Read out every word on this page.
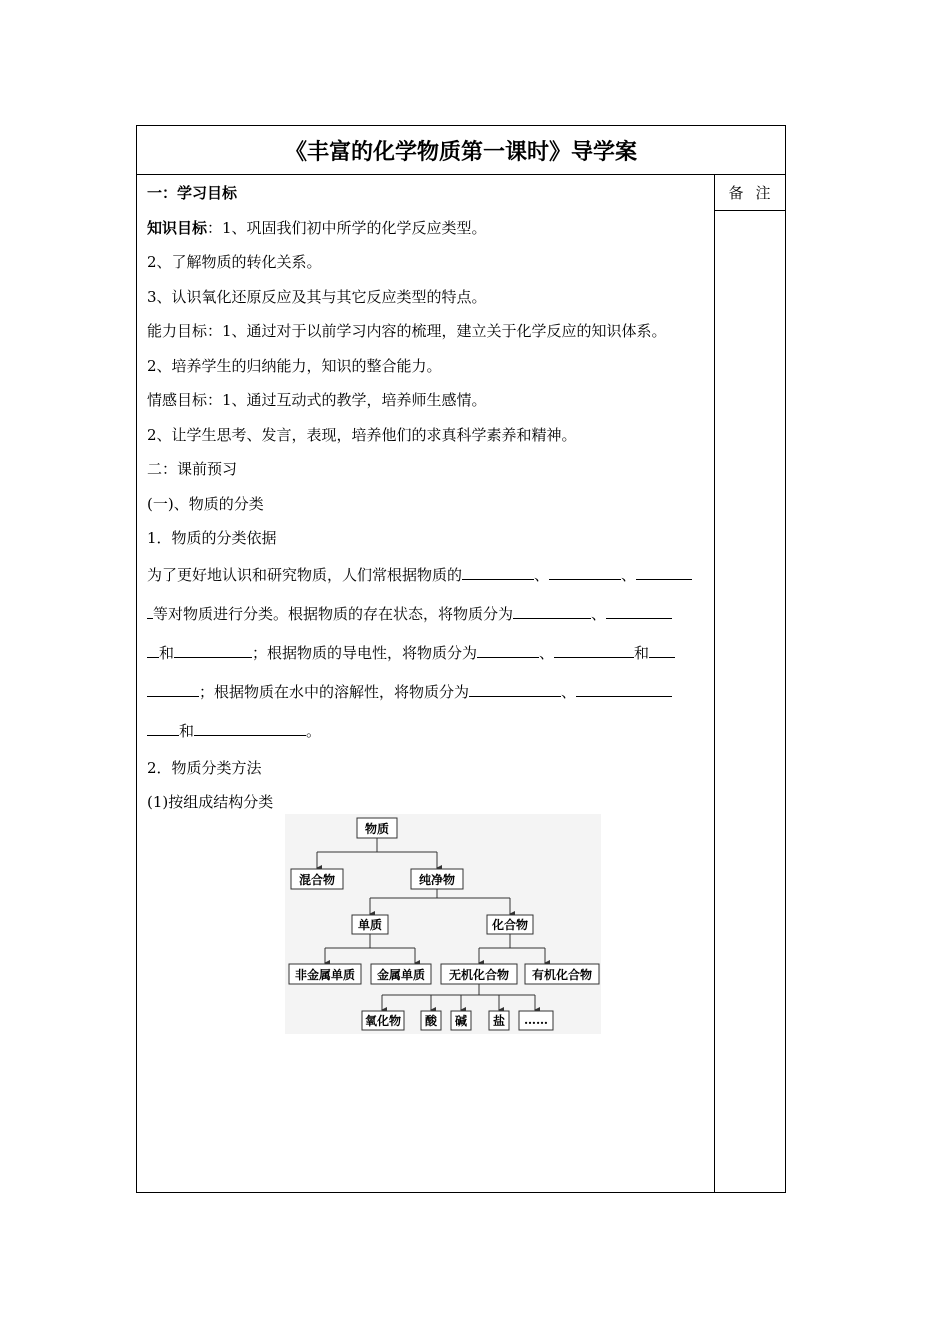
《丰富的化学物质第一课时》导学案
备注
一：学习目标
知识目标：1、巩固我们初中所学的化学反应类型。
2、了解物质的转化关系。
3、认识氧化还原反应及其与其它反应类型的特点。
能力目标：1、通过对于以前学习内容的梳理，建立关于化学反应的知识体系。
2、培养学生的归纳能力，知识的整合能力。
情感目标：1、通过互动式的教学，培养师生感情。
2、让学生思考、发言，表现，培养他们的求真科学素养和精神。
二：课前预习
(一)、物质的分类
1．物质的分类依据
为了更好地认识和研究物质，人们常根据物质的	、	、
等对物质进行分类。根据物质的存在状态，将物质分为	、
和	；根据物质的导电性，将物质分为	、	和
；根据物质在水中的溶解性，将物质分为	、
和	。
2．物质分类方法
(1)按组成结构分类
物质
混合物	纯净物
单质	化合物
非金属单质 金属单质 无机化合物 有机化合物
氧化物 酸 碱 盐 ……
